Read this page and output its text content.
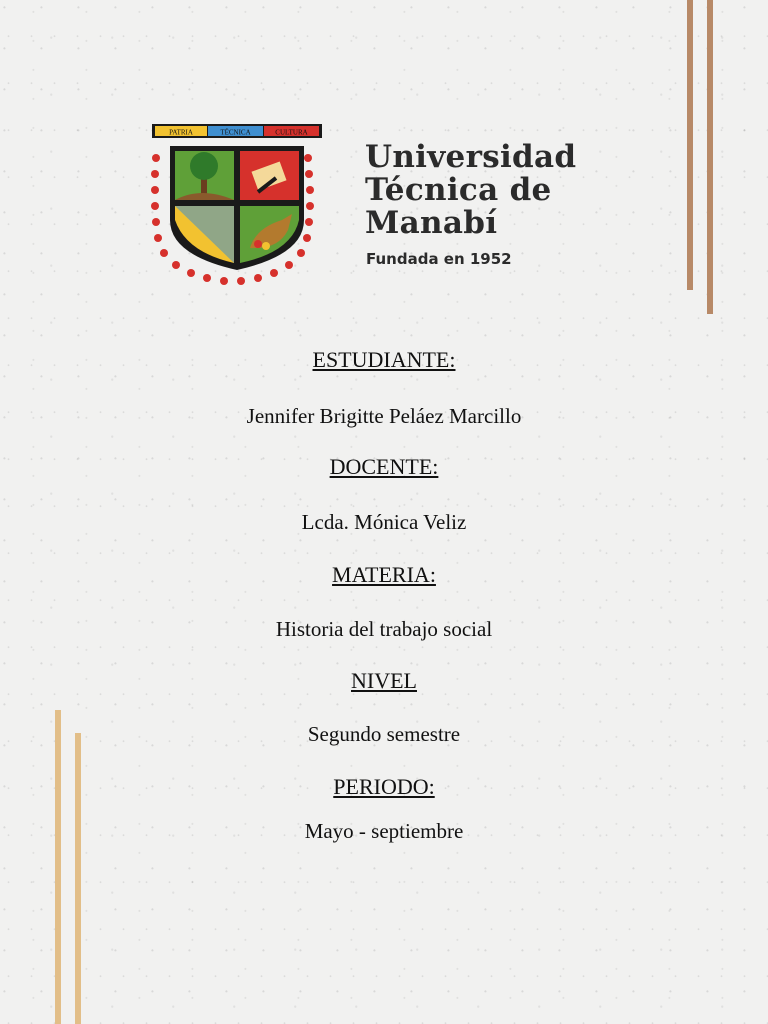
PATRIA	TÉCNICA	CULTURA
Universidad
Técnica de
Manabí

Fundada en 1952

ESTUDIANTE:

Jennifer Brigitte Peláez Marcillo

DOCENTE:

Lcda. Mónica Veliz

MATERIA:

Historia del trabajo social

NIVEL

Segundo semestre

PERIODO:

Mayo - septiembre
